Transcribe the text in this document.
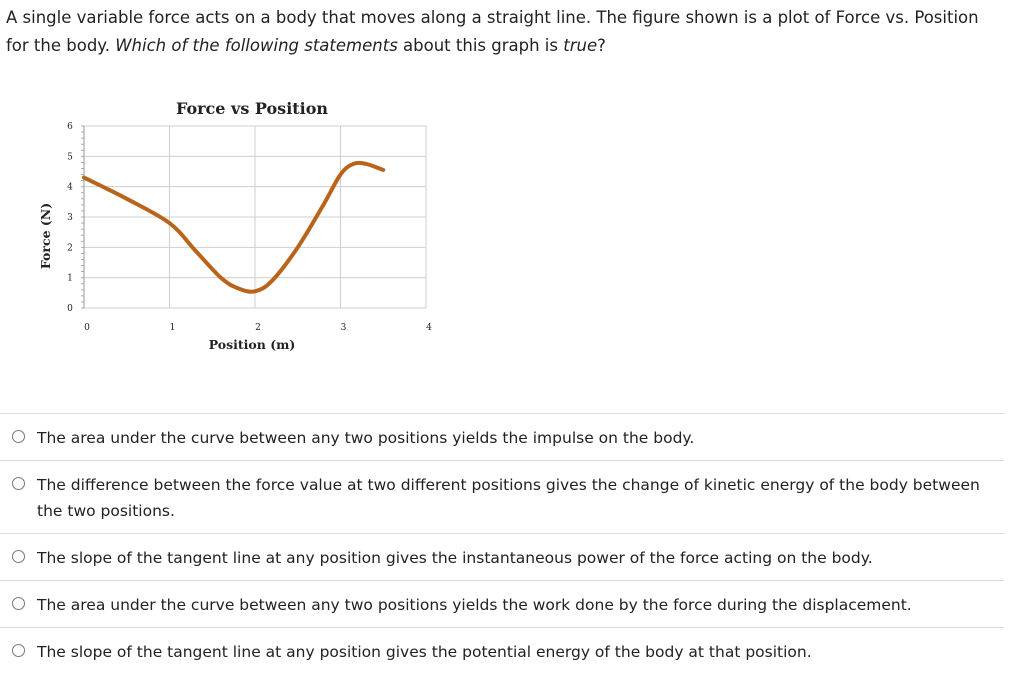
A single variable force acts on a body that moves along a straight line. The figure shown is a plot of Force vs. Position for the body. Which of the following statements about this graph is true?
Force vs Position
0
1
2
3
4
5
6
0	1	2	3	4
Position (m)
Force (N)
The area under the curve between any two positions yields the impulse on the body.
The difference between the force value at two different positions gives the change of kinetic energy of the body between the two positions.
The slope of the tangent line at any position gives the instantaneous power of the force acting on the body.
The area under the curve between any two positions yields the work done by the force during the displacement.
The slope of the tangent line at any position gives the potential energy of the body at that position.
